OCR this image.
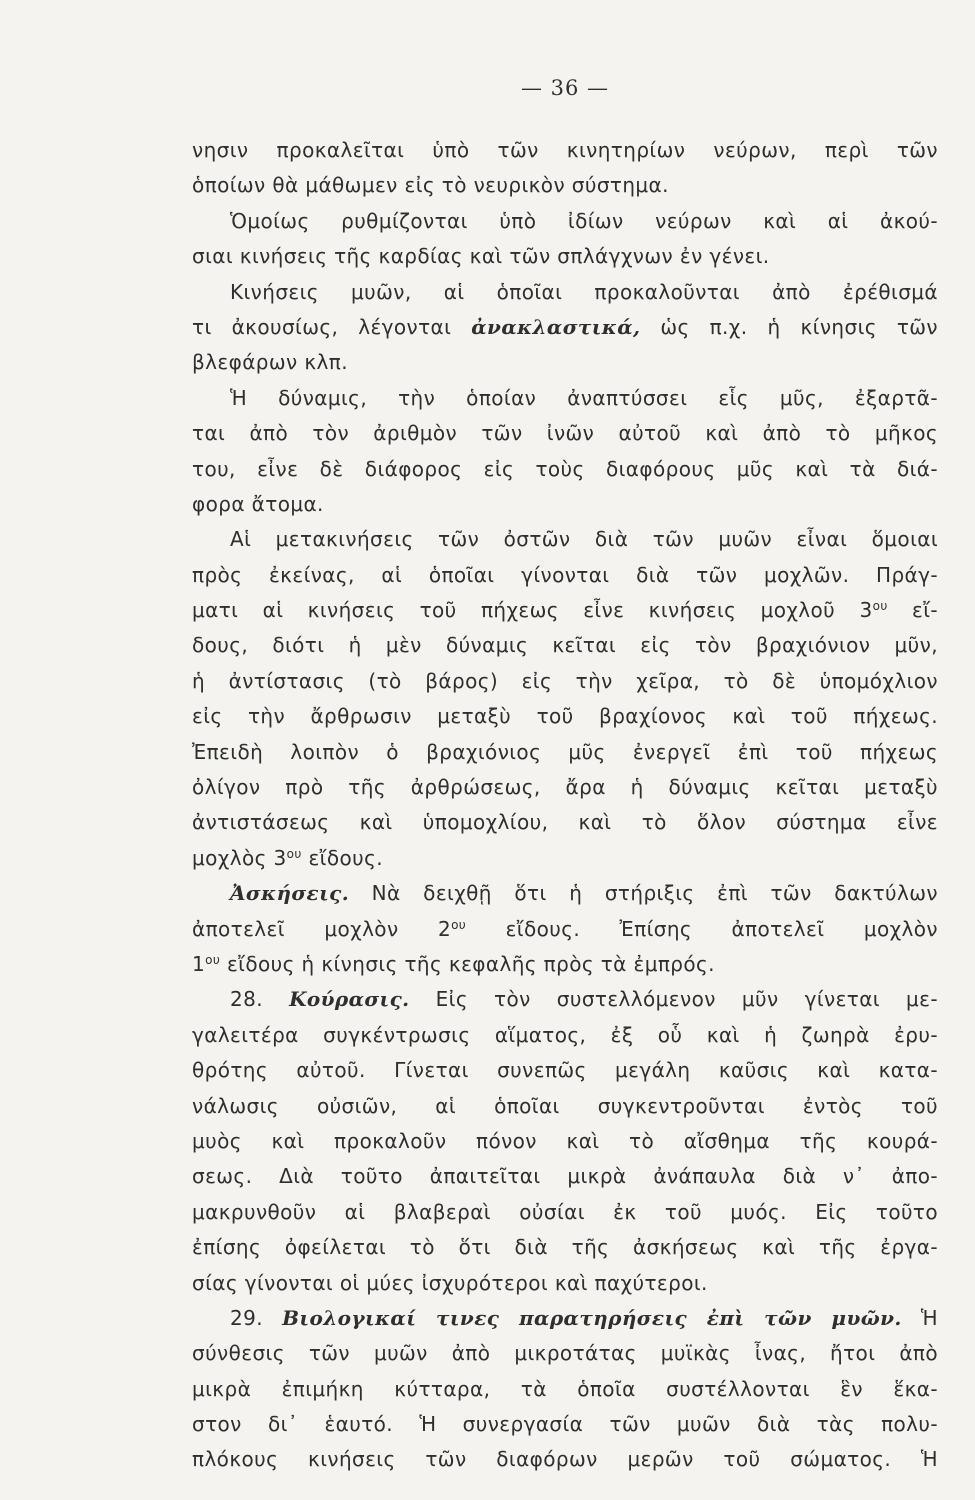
— 36 —
νησιν προκαλεῖται ὑπὸ τῶν κινητηρίων νεύρων, περὶ τῶν
ὁποίων θὰ μάθωμεν εἰς τὸ νευρικὸν σύστημα.
Ὁμοίως ρυθμίζονται ὑπὸ ἰδίων νεύρων καὶ αἱ ἀκού-
σιαι κινήσεις τῆς καρδίας καὶ τῶν σπλάγχνων ἐν γένει.
Κινήσεις μυῶν, αἱ ὁποῖαι προκαλοῦνται ἀπὸ ἐρέθισμά
τι ἀκουσίως, λέγονται ἀνακλαστικά, ὡς π.χ. ἡ κίνησις τῶν
βλεφάρων κλπ.
Ἡ δύναμις, τὴν ὁποίαν ἀναπτύσσει εἷς μῦς, ἐξαρτᾶ-
ται ἀπὸ τὸν ἀριθμὸν τῶν ἰνῶν αὐτοῦ καὶ ἀπὸ τὸ μῆκος
του, εἶνε δὲ διάφορος εἰς τοὺς διαφόρους μῦς καὶ τὰ διά-
φορα ἄτομα.
Αἱ μετακινήσεις τῶν ὀστῶν διὰ τῶν μυῶν εἶναι ὅμοιαι
πρὸς ἐκείνας, αἱ ὁποῖαι γίνονται διὰ τῶν μοχλῶν. Πράγ-
ματι αἱ κινήσεις τοῦ πήχεως εἶνε κινήσεις μοχλοῦ $3^{o\upsilon}$ εἴ-
δους, διότι ἡ μὲν δύναμις κεῖται εἰς τὸν βραχιόνιον μῦν,
ἡ ἀντίστασις (τὸ βάρος) εἰς τὴν χεῖρα, τὸ δὲ ὑπομόχλιον
εἰς τὴν ἄρθρωσιν μεταξὺ τοῦ βραχίονος καὶ τοῦ πήχεως.
Ἐπειδὴ λοιπὸν ὁ βραχιόνιος μῦς ἐνεργεῖ ἐπὶ τοῦ πήχεως
ὀλίγον πρὸ τῆς ἀρθρώσεως, ἄρα ἡ δύναμις κεῖται μεταξὺ
ἀντιστάσεως καὶ ὑπομοχλίου, καὶ τὸ ὅλον σύστημα εἶνε
μοχλὸς $3^{o\upsilon}$ εἴδους.
Ἀσκήσεις. Νὰ δειχθῇ ὅτι ἡ στήριξις ἐπὶ τῶν δακτύλων
ἀποτελεῖ μοχλὸν $2^{o\upsilon}$ εἴδους. Ἐπίσης ἀποτελεῖ μοχλὸν
$1^{o\upsilon}$ εἴδους ἡ κίνησις τῆς κεφαλῆς πρὸς τὰ ἐμπρός.
28. Κούρασις. Εἰς τὸν συστελλόμενον μῦν γίνεται με-
γαλειτέρα συγκέντρωσις αἵματος, ἐξ οὗ καὶ ἡ ζωηρὰ ἐρυ-
θρότης αὐτοῦ. Γίνεται συνεπῶς μεγάλη καῦσις καὶ κατα-
νάλωσις οὐσιῶν, αἱ ὁποῖαι συγκεντροῦνται ἐντὸς τοῦ
μυὸς καὶ προκαλοῦν πόνον καὶ τὸ αἴσθημα τῆς κουρά-
σεως. Διὰ τοῦτο ἀπαιτεῖται μικρὰ ἀνάπαυλα διὰ ν᾿ ἀπο-
μακρυνθοῦν αἱ βλαβεραὶ οὐσίαι ἐκ τοῦ μυός. Εἰς τοῦτο
ἐπίσης ὀφείλεται τὸ ὅτι διὰ τῆς ἀσκήσεως καὶ τῆς ἐργα-
σίας γίνονται οἱ μύες ἰσχυρότεροι καὶ παχύτεροι.
29. Βιολογικαί τινες παρατηρήσεις ἐπὶ τῶν μυῶν. Ἡ
σύνθεσις τῶν μυῶν ἀπὸ μικροτάτας μυϊκὰς ἶνας, ἤτοι ἀπὸ
μικρὰ ἐπιμήκη κύτταρα, τὰ ὁποῖα συστέλλονται ἓν ἕκα-
στον δι᾿ ἑαυτό. Ἡ συνεργασία τῶν μυῶν διὰ τὰς πολυ-
πλόκους κινήσεις τῶν διαφόρων μερῶν τοῦ σώματος. Ἡ
